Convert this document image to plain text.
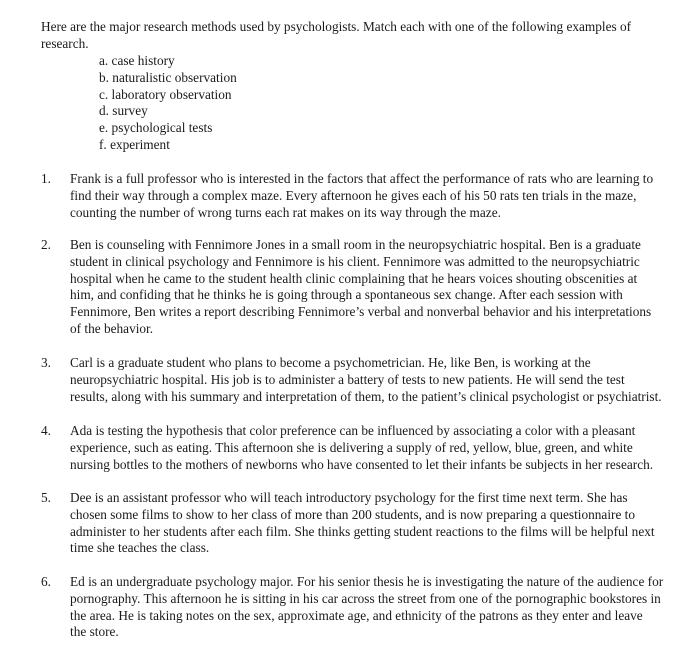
Here are the major research methods used by psychologists. Match each with one of the following examples of
research.

a. case history
b. naturalistic observation
c. laboratory observation
d. survey
e. psychological tests
f. experiment
1.	Frank is a full professor who is interested in the factors that affect the performance of rats who are learning to
find their way through a complex maze. Every afternoon he gives each of his 50 rats ten trials in the maze,
counting the number of wrong turns each rat makes on its way through the maze.

2.	Ben is counseling with Fennimore Jones in a small room in the neuropsychiatric hospital. Ben is a graduate
student in clinical psychology and Fennimore is his client. Fennimore was admitted to the neuropsychiatric
hospital when he came to the student health clinic complaining that he hears voices shouting obscenities at
him, and confiding that he thinks he is going through a spontaneous sex change. After each session with
Fennimore, Ben writes a report describing Fennimore’s verbal and nonverbal behavior and his interpretations
of the behavior.

3.	Carl is a graduate student who plans to become a psychometrician. He, like Ben, is working at the
neuropsychiatric hospital. His job is to administer a battery of tests to new patients. He will send the test
results, along with his summary and interpretation of them, to the patient’s clinical psychologist or psychiatrist.

4.	Ada is testing the hypothesis that color preference can be influenced by associating a color with a pleasant
experience, such as eating. This afternoon she is delivering a supply of red, yellow, blue, green, and white
nursing bottles to the mothers of newborns who have consented to let their infants be subjects in her research.

5.	Dee is an assistant professor who will teach introductory psychology for the first time next term. She has
chosen some films to show to her class of more than 200 students, and is now preparing a questionnaire to
administer to her students after each film. She thinks getting student reactions to the films will be helpful next
time she teaches the class.

6.	Ed is an undergraduate psychology major. For his senior thesis he is investigating the nature of the audience for
pornography. This afternoon he is sitting in his car across the street from one of the pornographic bookstores in
the area. He is taking notes on the sex, approximate age, and ethnicity of the patrons as they enter and leave
the store.
